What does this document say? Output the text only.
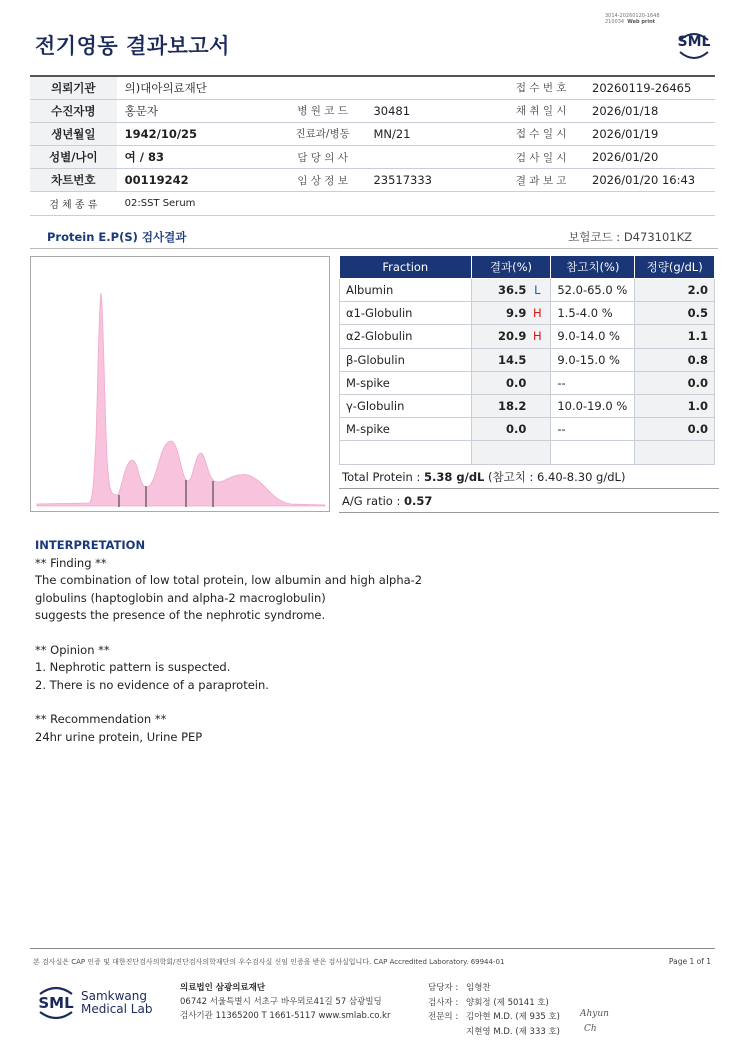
전기영동 결과보고서
3014-20260120-1648
210034 Web print
SML
의뢰기관	의)대아의료재단			접 수 번 호	20260119-26465
수진자명	홍문자	병 원 코 드	30481	채 취 일 시	2026/01/18
생년월일	1942/10/25	진료과/병동	MN/21	접 수 일 시	2026/01/19
성별/나이	여 / 83	담 당 의 사		검 사 일 시	2026/01/20
차트번호	00119242	임 상 정 보	23517333	결 과 보 고	2026/01/20 16:43
검 체 종 류	02:SST Serum				
Protein E.P(S) 검사결과	보험코드 : D473101KZ
Fraction	결과(%)	참고치(%)	정량(g/dL)
Albumin	36.5 L	52.0-65.0 %	2.0
α1-Globulin	9.9 H	1.5-4.0 %	0.5
α2-Globulin	20.9 H	9.0-14.0 %	1.1
β-Globulin	14.5	9.0-15.0 %	0.8
M-spike	0.0	--	0.0
γ-Globulin	18.2	10.0-19.0 %	1.0
M-spike	0.0	--	0.0

Total Protein : 5.38 g/dL (참고치 : 6.40-8.30 g/dL)
A/G ratio : 0.57
INTERPRETATION
** Finding **
The combination of low total protein, low albumin and high alpha-2
globulins (haptoglobin and alpha-2 macroglobulin)
suggests the presence of the nephrotic syndrome.
** Opinion **
1. Nephrotic pattern is suspected.
2. There is no evidence of a paraprotein.
** Recommendation **
24hr urine protein, Urine PEP
본 검사실은 CAP 인증 및 대한진단검사의학회/진단검사의학재단의 우수검사실 신임 인증을 받은 검사실입니다. CAP Accredited Laboratory. 69944-01	Page 1 of 1
SML Samkwang
Medical Lab
의료법인 삼광의료재단
06742 서울특별시 서초구 바우뫼로41길 57 삼광빌딩
검사기관 11365200 T 1661-5117 www.smlab.co.kr
담당자 : 임형찬
검사자 : 양회정 (제 50141 호)
전문의 : 김아현 M.D. (제 935 호)
지현영 M.D. (제 333 호)
Ahyun
Ch
